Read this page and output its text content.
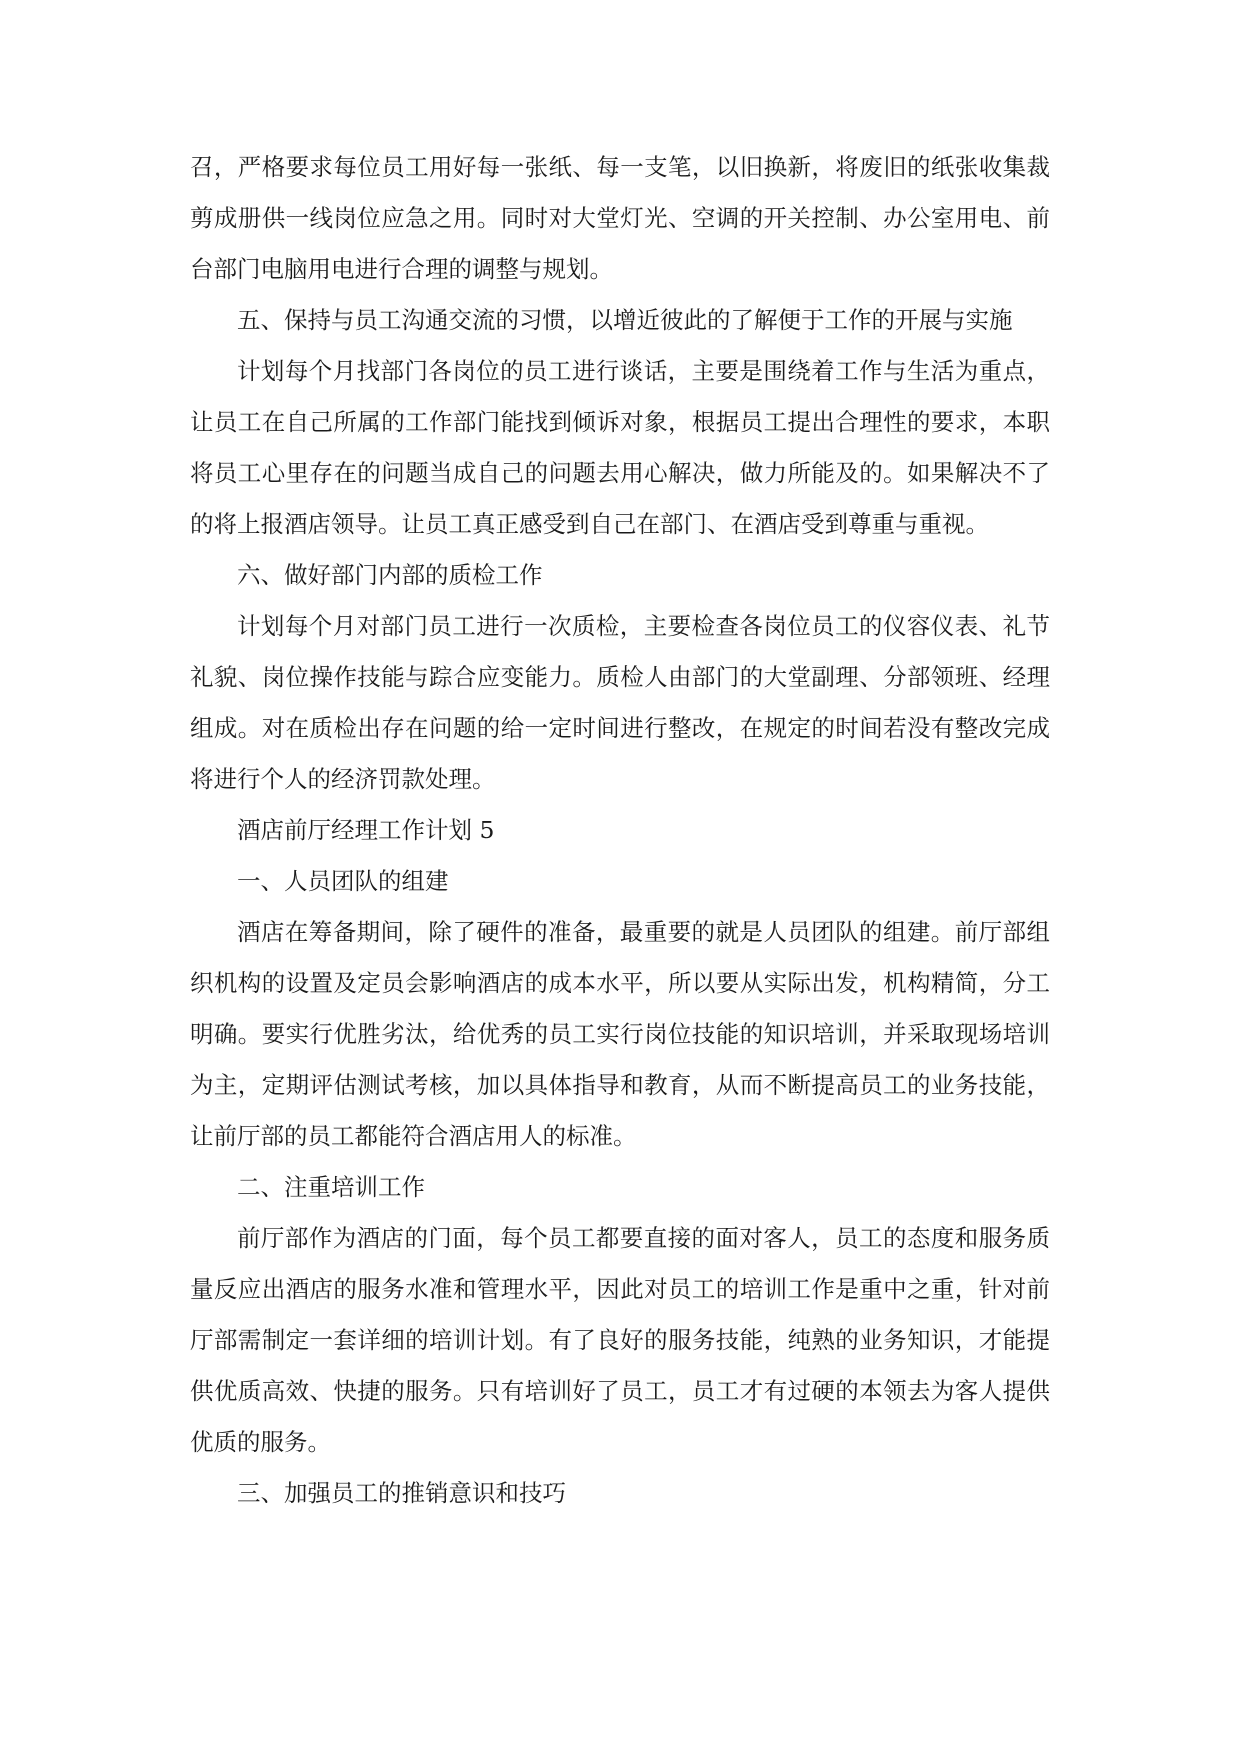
召，严格要求每位员工用好每一张纸、每一支笔，以旧换新，将废旧的纸张收集裁剪成册供一线岗位应急之用。同时对大堂灯光、空调的开关控制、办公室用电、前台部门电脑用电进行合理的调整与规划。

五、保持与员工沟通交流的习惯，以增近彼此的了解便于工作的开展与实施

计划每个月找部门各岗位的员工进行谈话，主要是围绕着工作与生活为重点，让员工在自己所属的工作部门能找到倾诉对象，根据员工提出合理性的要求，本职将员工心里存在的问题当成自己的问题去用心解决，做力所能及的。如果解决不了的将上报酒店领导。让员工真正感受到自己在部门、在酒店受到尊重与重视。

六、做好部门内部的质检工作

计划每个月对部门员工进行一次质检，主要检查各岗位员工的仪容仪表、礼节礼貌、岗位操作技能与踪合应变能力。质检人由部门的大堂副理、分部领班、经理组成。对在质检出存在问题的给一定时间进行整改，在规定的时间若没有整改完成将进行个人的经济罚款处理。

酒店前厅经理工作计划 5

一、人员团队的组建

酒店在筹备期间，除了硬件的准备，最重要的就是人员团队的组建。前厅部组织机构的设置及定员会影响酒店的成本水平，所以要从实际出发，机构精简，分工明确。要实行优胜劣汰，给优秀的员工实行岗位技能的知识培训，并采取现场培训为主，定期评估测试考核，加以具体指导和教育，从而不断提高员工的业务技能，让前厅部的员工都能符合酒店用人的标准。

二、注重培训工作

前厅部作为酒店的门面，每个员工都要直接的面对客人，员工的态度和服务质量反应出酒店的服务水准和管理水平，因此对员工的培训工作是重中之重，针对前厅部需制定一套详细的培训计划。有了良好的服务技能，纯熟的业务知识，才能提供优质高效、快捷的服务。只有培训好了员工，员工才有过硬的本领去为客人提供优质的服务。

三、加强员工的推销意识和技巧
